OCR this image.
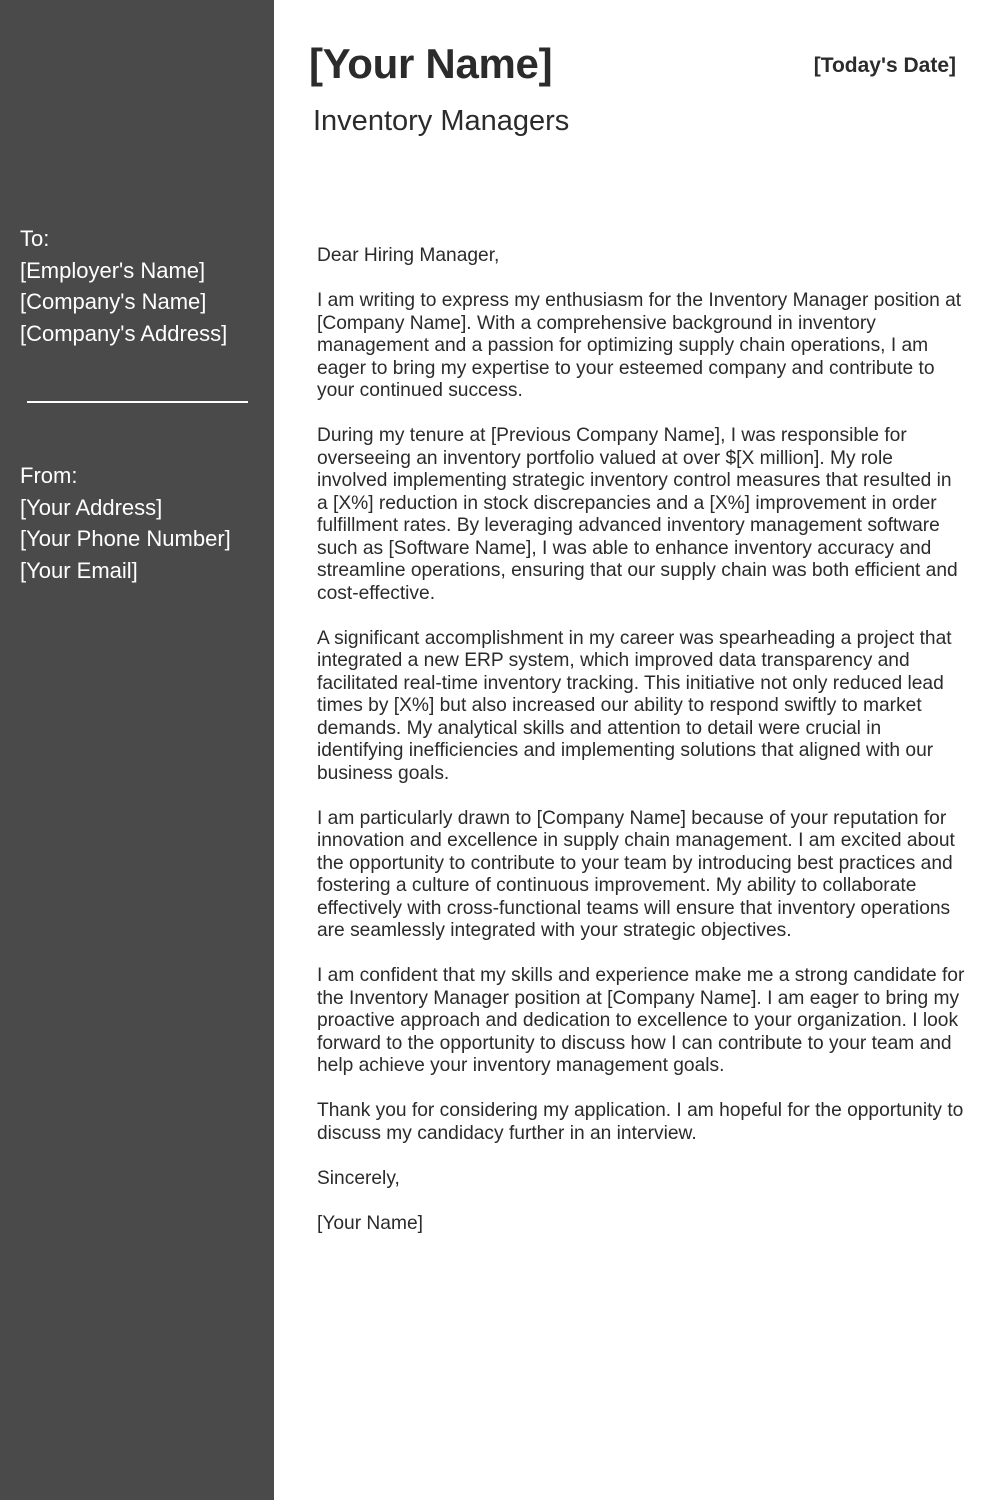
To:
[Employer's Name]
[Company's Name]
[Company's Address]
From:
[Your Address]
[Your Phone Number]
[Your Email]
[Your Name]	[Today's Date]
Inventory Managers

Dear Hiring Manager,

I am writing to express my enthusiasm for the Inventory Manager position at [Company Name]. With a comprehensive background in inventory management and a passion for optimizing supply chain operations, I am eager to bring my expertise to your esteemed company and contribute to your continued success.

During my tenure at [Previous Company Name], I was responsible for overseeing an inventory portfolio valued at over $[X million]. My role involved implementing strategic inventory control measures that resulted in a [X%] reduction in stock discrepancies and a [X%] improvement in order fulfillment rates. By leveraging advanced inventory management software such as [Software Name], I was able to enhance inventory accuracy and streamline operations, ensuring that our supply chain was both efficient and cost-effective.

A significant accomplishment in my career was spearheading a project that integrated a new ERP system, which improved data transparency and facilitated real-time inventory tracking. This initiative not only reduced lead times by [X%] but also increased our ability to respond swiftly to market demands. My analytical skills and attention to detail were crucial in identifying inefficiencies and implementing solutions that aligned with our business goals.

I am particularly drawn to [Company Name] because of your reputation for innovation and excellence in supply chain management. I am excited about the opportunity to contribute to your team by introducing best practices and fostering a culture of continuous improvement. My ability to collaborate effectively with cross-functional teams will ensure that inventory operations are seamlessly integrated with your strategic objectives.

I am confident that my skills and experience make me a strong candidate for the Inventory Manager position at [Company Name]. I am eager to bring my proactive approach and dedication to excellence to your organization. I look forward to the opportunity to discuss how I can contribute to your team and help achieve your inventory management goals.

Thank you for considering my application. I am hopeful for the opportunity to discuss my candidacy further in an interview.

Sincerely,

[Your Name]
